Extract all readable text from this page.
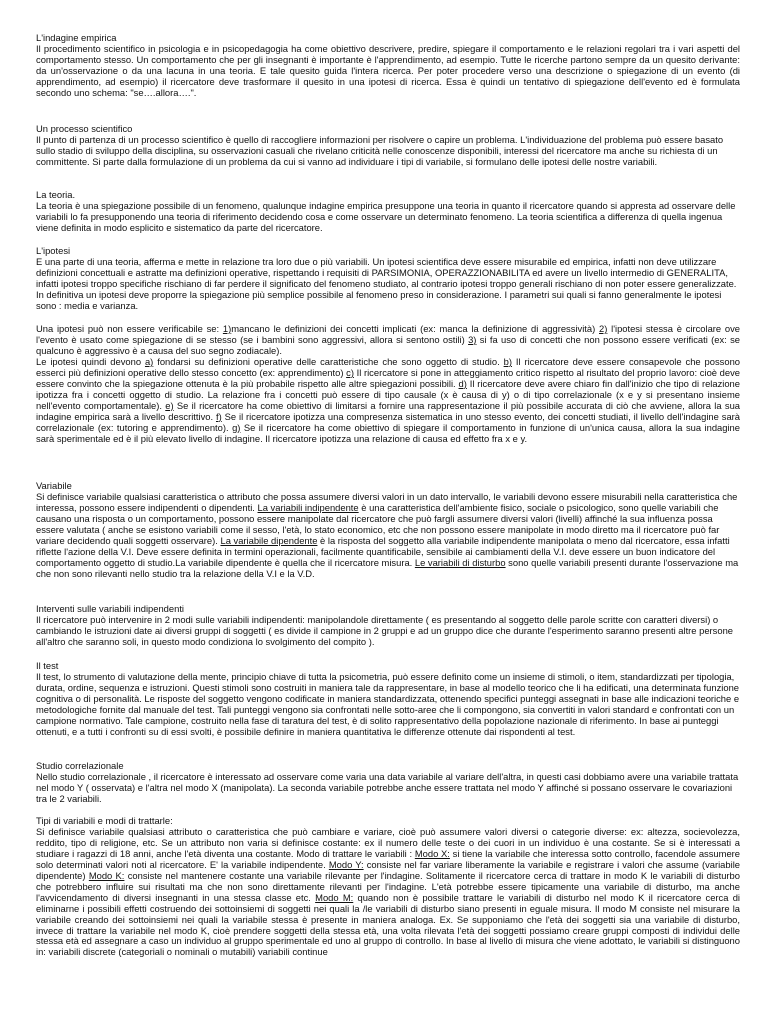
L'indagine empirica

Il procedimento scientifico in psicologia e in psicopedagogia ha come obiettivo descrivere, predire, spiegare il comportamento e le relazioni regolari tra i vari aspetti del comportamento stesso. Un comportamento che per gli insegnanti è importante è l'apprendimento, ad esempio. Tutte le ricerche partono sempre da un quesito derivante: da un'osservazione o da una lacuna in una teoria. E tale quesito guida l'intera ricerca. Per poter procedere verso una descrizione o spiegazione di un evento (di apprendimento, ad esempio) il ricercatore deve trasformare il quesito in una ipotesi di ricerca. Essa è quindi un tentativo di spiegazione dell'evento ed è formulata secondo uno schema: "se….allora….".

Un processo scientifico

Il punto di partenza di un processo scientifico è quello di raccogliere informazioni per risolvere o capire un problema. L'individuazione del problema può essere basato sullo stadio di sviluppo della disciplina, su osservazioni casuali che rivelano criticità nelle conoscenze disponibili, interessi del ricercatore ma anche su richiesta di un committente. Si parte dalla formulazione di un problema da cui si vanno ad individuare i tipi di variabile, si formulano delle ipotesi delle nostre variabili.

La teoria.

La teoria è una spiegazione possibile di un fenomeno, qualunque indagine empirica presuppone una teoria in quanto il ricercatore quando si appresta ad osservare delle variabili lo fa presupponendo una teoria di riferimento decidendo cosa e come osservare un determinato fenomeno. La teoria scientifica a differenza di quella ingenua viene definita in modo esplicito e sistematico da parte del ricercatore.

L'ipotesi

E una parte di una teoria, afferma e mette in relazione tra loro due o più variabili. Un ipotesi scientifica deve essere misurabile ed empirica, infatti non deve utilizzare definizioni concettuali e astratte ma definizioni operative, rispettando i requisiti di PARSIMONIA, OPERAZZIONABILITA ed avere un livello intermedio di GENERALITA, infatti ipotesi troppo specifiche rischiano di far perdere il significato del fenomeno studiato, al contrario ipotesi troppo generali rischiano di non poter essere generalizzate. In definitiva un ipotesi deve proporre la spiegazione più semplice possibile al fenomeno preso in considerazione. I parametri sui quali si fanno generalmente le ipotesi sono : media e varianza.

Una ipotesi può non essere verificabile se: 1)mancano le definizioni dei concetti implicati (ex: manca la definizione di aggressività) 2) l'ipotesi stessa è circolare ove l'evento è usato come spiegazione di se stesso (se i bambini sono aggressivi, allora si sentono ostili) 3) si fa uso di concetti che non possono essere verificati (ex: se qualcuno è aggressivo è a causa del suo segno zodiacale).

Le ipotesi quindi devono a) fondarsi su definizioni operative delle caratteristiche che sono oggetto di studio. b) Il ricercatore deve essere consapevole che possono esserci più definizioni operative dello stesso concetto (ex: apprendimento) c) Il ricercatore si pone in atteggiamento critico rispetto al risultato del proprio lavoro: cioè deve essere convinto che la spiegazione ottenuta è la più probabile rispetto alle altre spiegazioni possibili. d) Il ricercatore deve avere chiaro fin dall'inizio che tipo di relazione ipotizza fra i concetti oggetto di studio. La relazione fra i concetti può essere di tipo causale (x è causa di y) o di tipo correlazionale (x e y si presentano insieme nell'evento comportamentale). e) Se il ricercatore ha come obiettivo di limitarsi a fornire una rappresentazione il più possibile accurata di ciò che avviene, allora la sua indagine empirica sarà a livello descrittivo. f) Se il ricercatore ipotizza una compresenza sistematica in uno stesso evento, dei concetti studiati, il livello dell'indagine sarà correlazionale (ex: tutoring e apprendimento). g) Se il ricercatore ha come obiettivo di spiegare il comportamento in funzione di un'unica causa, allora la sua indagine sarà sperimentale ed è il più elevato livello di indagine. Il ricercatore ipotizza una relazione di causa ed effetto fra x e y.

Variabile

Si definisce variabile qualsiasi caratteristica o attributo che possa assumere diversi valori in un dato intervallo, le variabili devono essere misurabili nella caratteristica che interessa, possono essere indipendenti o dipendenti. La variabili indipendente è una caratteristica dell'ambiente fisico, sociale o psicologico, sono quelle variabili che causano una risposta o un comportamento, possono essere manipolate dal ricercatore che può fargli assumere diversi valori (livelli) affinché la sua influenza possa essere valutata ( anche se esistono variabili come il sesso, l'età, lo stato economico, etc che non possono essere manipolate in modo diretto ma il ricercatore può far variare decidendo quali soggetti osservare). La variabile dipendente è la risposta del soggetto alla variabile indipendente manipolata o meno dal ricercatore, essa infatti riflette l'azione della V.I. Deve essere definita in termini operazionali, facilmente quantificabile, sensibile ai cambiamenti della V.I. deve essere un buon indicatore del comportamento oggetto di studio.La variabile dipendente è quella che il ricercatore misura. Le variabili di disturbo sono quelle variabili presenti durante l'osservazione ma che non sono rilevanti nello studio tra la relazione della V.I e la V.D.

Interventi sulle variabili indipendenti

Il ricercatore può intervenire in 2 modi sulle variabili indipendenti: manipolandole direttamente ( es presentando al soggetto delle parole scritte con caratteri diversi) o cambiando le istruzioni date ai diversi gruppi di soggetti ( es divide il campione in 2 gruppi e ad un gruppo dice che durante l'esperimento saranno presenti altre persone all'altro che saranno soli, in questo modo condiziona lo svolgimento del compito ).

Il test

Il test, lo strumento di valutazione della mente, principio chiave di tutta la psicometria, può essere definito come un insieme di stimoli, o item, standardizzati per tipologia, durata, ordine, sequenza e istruzioni. Questi stimoli sono costruiti in maniera tale da rappresentare, in base al modello teorico che li ha edificati, una determinata funzione cognitiva o di personalità. Le risposte del soggetto vengono codificate in maniera standardizzata, ottenendo specifici punteggi assegnati in base alle indicazioni teoriche e metodologiche fornite dal manuale del test. Tali punteggi vengono sia confrontati nelle sotto-aree che li compongono, sia convertiti in valori standard e confrontati con un campione normativo. Tale campione, costruito nella fase di taratura del test, è di solito rappresentativo della popolazione nazionale di riferimento. In base ai punteggi ottenuti, e a tutti i confronti su di essi svolti, è possibile definire in maniera quantitativa le differenze ottenute dai rispondenti al test.

Studio correlazionale

Nello studio correlazionale , il ricercatore è interessato ad osservare come varia una data variabile al variare dell'altra, in questi casi dobbiamo avere una variabile trattata nel modo Y ( osservata) e l'altra nel modo X (manipolata). La seconda variabile potrebbe anche essere trattata nel modo Y affinché si possano osservare le covariazioni tra le 2 variabili.

Tipi di variabili e modi di trattarle:

Si definisce variabile qualsiasi attributo o caratteristica che può cambiare e variare, cioè può assumere valori diversi o categorie diverse: ex: altezza, socievolezza, reddito, tipo di religione, etc. Se un attributo non varia si definisce costante: ex il numero delle teste o dei cuori in un individuo è una costante. Se si è interessati a studiare i ragazzi di 18 anni, anche l'età diventa una costante. Modo di trattare le variabili : Modo X: si tiene la variabile che interessa sotto controllo, facendole assumere solo determinati valori noti al ricercatore. E' la variabile indipendente. Modo Y: consiste nel far variare liberamente la variabile e registrare i valori che assume (variabile dipendente) Modo K: consiste nel mantenere costante una variabile rilevante per l'indagine. Solitamente il ricercatore cerca di trattare in modo K le variabili di disturbo che potrebbero influire sui risultati ma che non sono direttamente rilevanti per l'indagine. L'età potrebbe essere tipicamente una variabile di disturbo, ma anche l'avvicendamento di diversi insegnanti in una stessa classe etc. Modo M: quando non è possibile trattare le variabili di disturbo nel modo K il ricercatore cerca di eliminarne i possibili effetti costruendo dei sottoinsiemi di soggetti nei quali la /le variabili di disturbo siano presenti in eguale misura. Il modo M consiste nel misurare la variabile creando dei sottoinsiemi nei quali la variabile stessa è presente in maniera analoga. Ex. Se supponiamo che l'età dei soggetti sia una variabile di disturbo, invece di trattare la variabile nel modo K, cioè prendere soggetti della stessa età, una volta rilevata l'età dei soggetti possiamo creare gruppi composti di individui delle stessa età ed assegnare a caso un individuo al gruppo sperimentale ed uno al gruppo di controllo. In base al livello di misura che viene adottato, le variabili si distinguono in: variabili discrete (categoriali o nominali o mutabili) variabili continue
